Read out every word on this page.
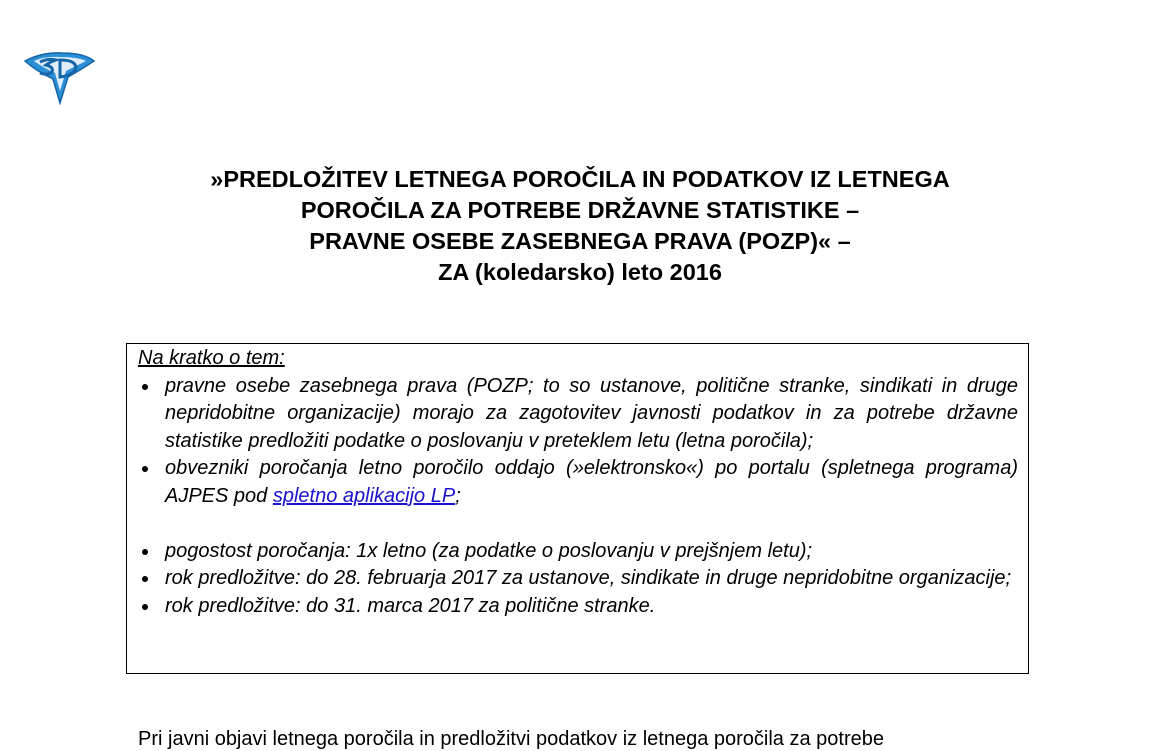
»PREDLOŽITEV LETNEGA POROČILA IN PODATKOV IZ LETNEGA
POROČILA ZA POTREBE DRŽAVNE STATISTIKE –
PRAVNE OSEBE ZASEBNEGA PRAVA (POZP)« –
ZA (koledarsko) leto 2016
Na kratko o tem:
pravne osebe zasebnega prava (POZP; to so ustanove, politične stranke, sindikati in druge nepridobitne organizacije) morajo za zagotovitev javnosti podatkov in za potrebe državne statistike predložiti podatke o poslovanju v preteklem letu (letna poročila);
obvezniki poročanja letno poročilo oddajo (»elektronsko«) po portalu (spletnega programa) AJPES pod spletno aplikacijo LP;
pogostost poročanja: 1x letno (za podatke o poslovanju v prejšnjem letu);
rok predložitve: do 28. februarja 2017 za ustanove, sindikate in druge nepridobitne organizacije;
rok predložitve: do 31. marca 2017 za politične stranke.
Pri javni objavi letnega poročila in predložitvi podatkov iz letnega poročila za potrebe
